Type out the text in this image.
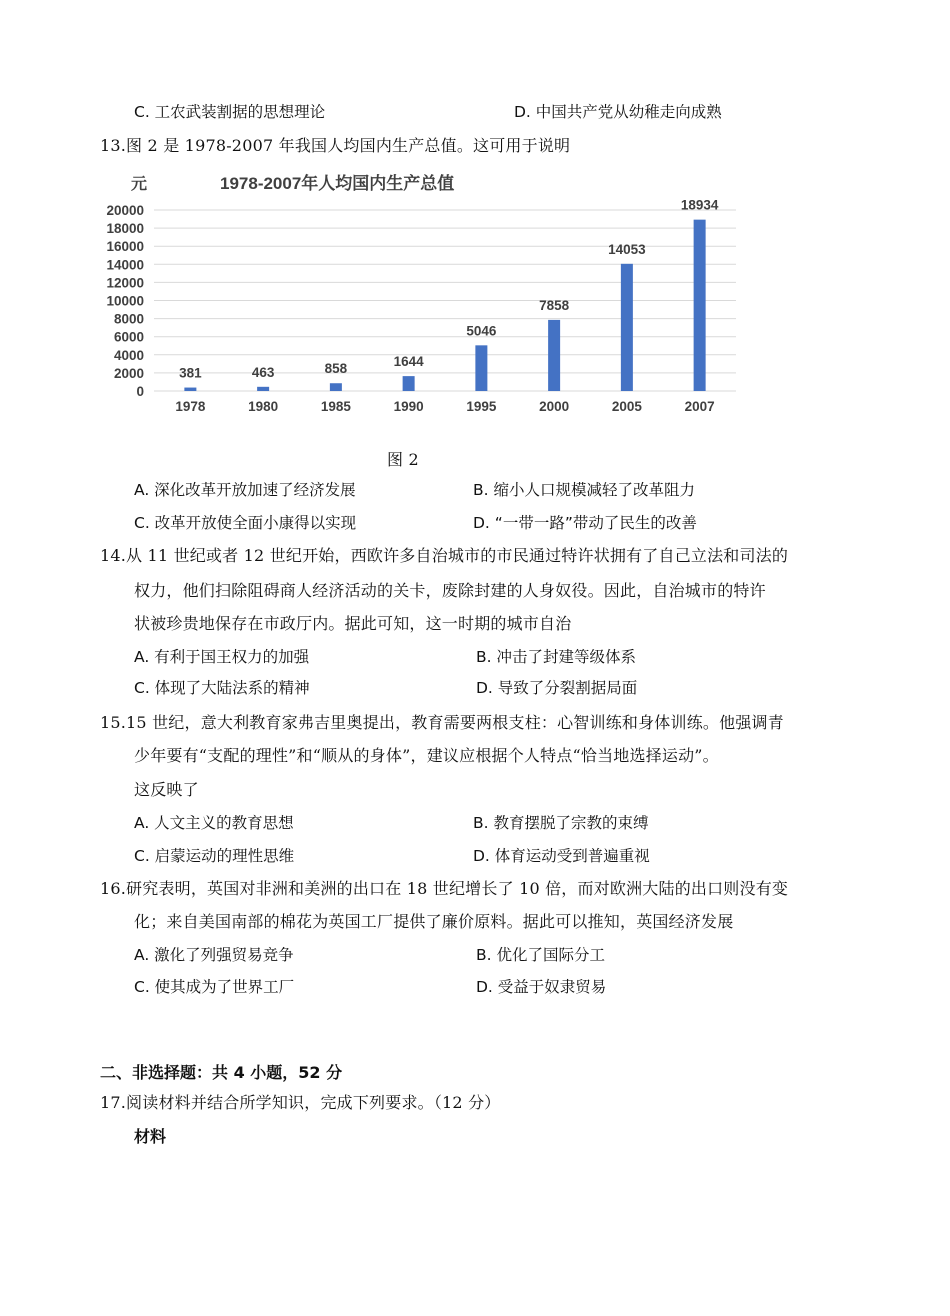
C. 工农武装割据的思想理论	D. 中国共产党从幼稚走向成熟
13.图 2 是 1978-2007 年我国人均国内生产总值。这可用于说明
元	1978-2007年人均国内生产总值
0
2000
4000
6000
8000
10000
12000
14000
16000
18000
20000
381	463	858	1644
5046
7858
14053
18934
1978	1980	1985	1990	1995	2000	2005	2007
图 2
A. 深化改革开放加速了经济发展	B. 缩小人口规模减轻了改革阻力
C. 改革开放使全面小康得以实现	D. “一带一路”带动了民生的改善
14.从 11 世纪或者 12 世纪开始，西欧许多自治城市的市民通过特许状拥有了自己立法和司法的
权力，他们扫除阻碍商人经济活动的关卡，废除封建的人身奴役。因此，自治城市的特许
状被珍贵地保存在市政厅内。据此可知，这一时期的城市自治
A. 有利于国王权力的加强	B. 冲击了封建等级体系
C. 体现了大陆法系的精神	D. 导致了分裂割据局面
15.15 世纪，意大利教育家弗吉里奥提出，教育需要两根支柱：心智训练和身体训练。他强调青
少年要有“支配的理性”和“顺从的身体”，建议应根据个人特点“恰当地选择运动”。
这反映了
A. 人文主义的教育思想	B. 教育摆脱了宗教的束缚
C. 启蒙运动的理性思维	D. 体育运动受到普遍重视
16.研究表明，英国对非洲和美洲的出口在 18 世纪增长了 10 倍，而对欧洲大陆的出口则没有变
化；来自美国南部的棉花为英国工厂提供了廉价原料。据此可以推知，英国经济发展
A. 激化了列强贸易竞争	B. 优化了国际分工
C. 使其成为了世界工厂	D. 受益于奴隶贸易
二、非选择题：共 4 小题，52 分
17.阅读材料并结合所学知识，完成下列要求。（12 分）
材料
